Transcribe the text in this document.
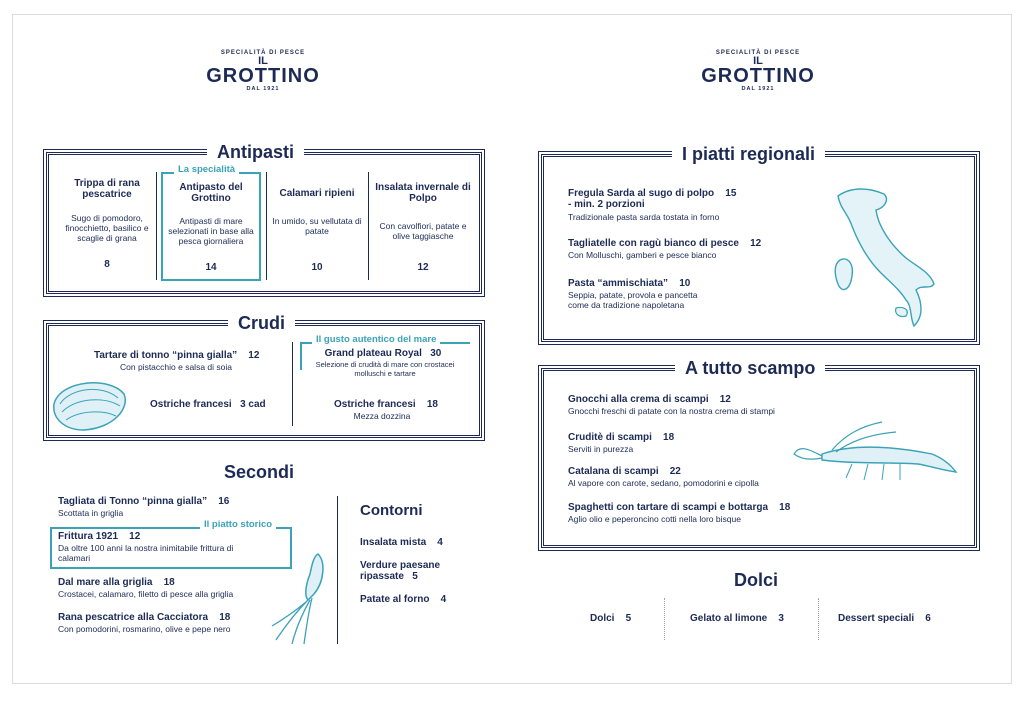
SPECIALITÀ DI PESCE
IL
GROTTINO
DAL 1921
SPECIALITÀ DI PESCE
IL
GROTTINO
DAL 1921
Antipasti
La specialità
Trippa di rana pescatrice
Sugo di pomodoro, finocchietto, basilico e scaglie di grana
8
Antipasto del Grottino
Antipasti di mare selezionati in base alla pesca giornaliera
14
Calamari ripieni
In umido, su vellutata di patate
10
Insalata invernale di Polpo
Con cavolfiori, patate e olive taggiasche
12
Crudi
Il gusto autentico del mare
Tartare di tonno “pinna gialla” 12
Con pistacchio e salsa di soia
Grand plateau Royal 30
Selezione di crudità di mare con crostacei molluschi e tartare
Ostriche francesi 3 cad	Ostriche francesi 18
Mezza dozzina
Secondi
Tagliata di Tonno “pinna gialla” 16
Scottata in griglia
Il piatto storico
Frittura 1921 12
Da oltre 100 anni la nostra inimitabile frittura di calamari
Dal mare alla griglia 18
Crostacei, calamaro, filetto di pesce alla griglia
Rana pescatrice alla Cacciatora 18
Con pomodorini, rosmarino, olive e pepe nero
Contorni
Insalata mista 4
Verdure paesane ripassate 5
Patate al forno 4
I piatti regionali
Fregula Sarda al sugo di polpo 15
- min. 2 porzioni
Tradizionale pasta sarda tostata in forno
Tagliatelle con ragù bianco di pesce 12
Con Molluschi, gamberi e pesce bianco
Pasta “ammischiata” 10
Seppia, patate, provola e pancetta come da tradizione napoletana
A tutto scampo
Gnocchi alla crema di scampi 12
Gnocchi freschi di patate con la nostra crema di stampi
Cruditè di scampi 18
Serviti in purezza
Catalana di scampi 22
Al vapore con carote, sedano, pomodorini e cipolla
Spaghetti con tartare di scampi e bottarga 18
Aglio olio e peperoncino cotti nella loro bisque
Dolci
Dolci 5	Gelato al limone 3	Dessert speciali 6
